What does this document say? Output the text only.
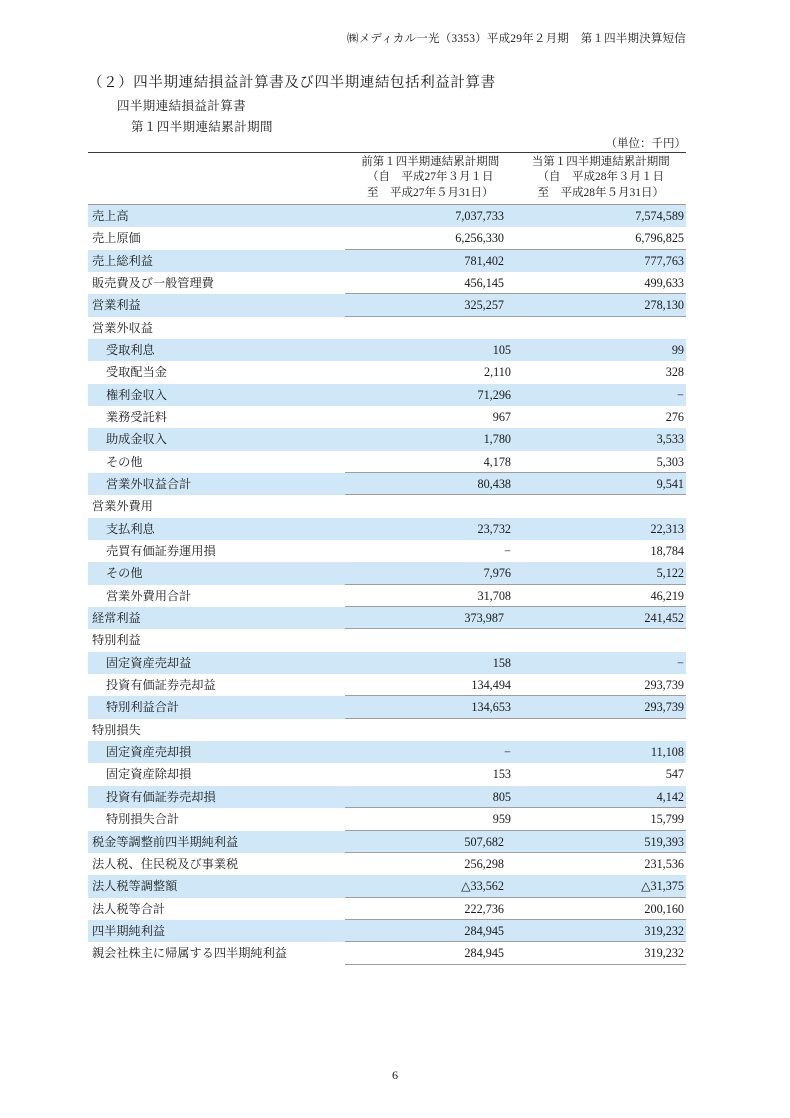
㈱メディカル一光（3353）平成29年２月期　第１四半期決算短信
（２）四半期連結損益計算書及び四半期連結包括利益計算書
四半期連結損益計算書
第１四半期連結累計期間
（単位：千円）
前第１四半期連結累計期間
（自　平成27年３月１日
至　平成27年５月31日）
当第１四半期連結累計期間
（自　平成28年３月１日
至　平成28年５月31日）
売上高	7,037,733	7,574,589
売上原価	6,256,330	6,796,825
売上総利益	781,402	777,763
販売費及び一般管理費	456,145	499,633
営業利益	325,257	278,130
営業外収益
受取利息	105	99
受取配当金	2,110	328
権利金収入	71,296	−
業務受託料	967	276
助成金収入	1,780	3,533
その他	4,178	5,303
営業外収益合計	80,438	9,541
営業外費用
支払利息	23,732	22,313
売買有価証券運用損	−	18,784
その他	7,976	5,122
営業外費用合計	31,708	46,219
経常利益	373,987	241,452
特別利益
固定資産売却益	158	−
投資有価証券売却益	134,494	293,739
特別利益合計	134,653	293,739
特別損失
固定資産売却損	−	11,108
固定資産除却損	153	547
投資有価証券売却損	805	4,142
特別損失合計	959	15,799
税金等調整前四半期純利益	507,682	519,393
法人税、住民税及び事業税	256,298	231,536
法人税等調整額	△33,562	△31,375
法人税等合計	222,736	200,160
四半期純利益	284,945	319,232
親会社株主に帰属する四半期純利益	284,945	319,232
6
